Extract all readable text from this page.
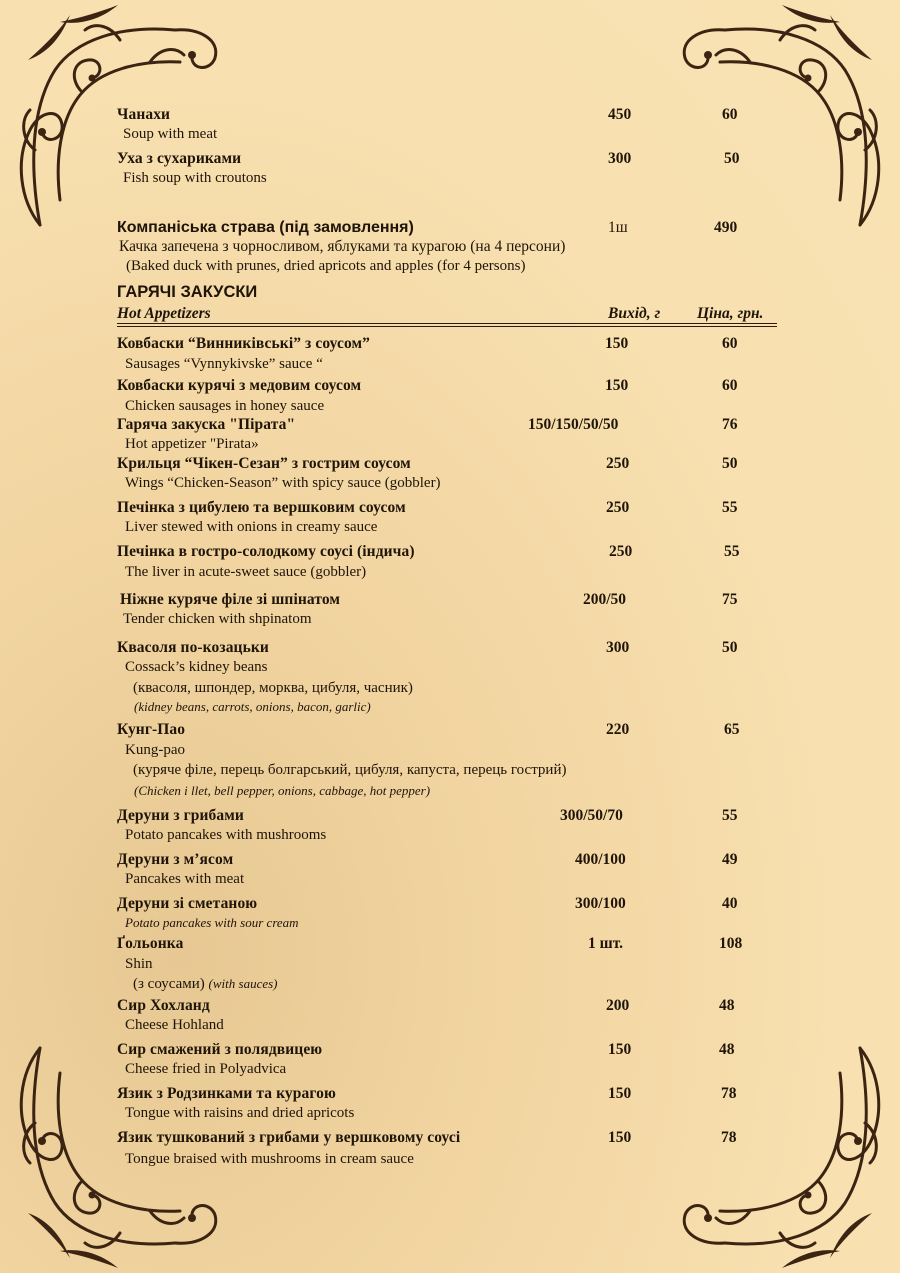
Чанахи
Soup with meat
450	60
Уха з сухариками
Fish soup with croutons
300	50
Компаніська страва (під замовлення)	1ш	490
Качка запечена з чорносливом, яблуками та курагою (на 4 персони)
(Baked duck with prunes, dried apricots and apples (for 4 persons)
ГАРЯЧІ ЗАКУСКИ
Hot Appetizers	Вихід, г Ціна, грн.
Ковбаски “Винниківські” з соусом”
Sausages “Vynnykivske” sauce “
150	60
Ковбаски курячі з медовим соусом
Chicken sausages in honey sauce
150	60
Гаряча закуска "Пірата"
Hot appetizer "Pirata»
150/150/50/50	76
Крильця “Чікен-Сезан” з гострим соусом
Wings “Chicken-Season” with spicy sauce (gobbler)
250	50
Печінка з цибулею та вершковим соусом
Liver stewed with onions in creamy sauce
250	55
Печінка в гостро-солодкому соусі (індича)
The liver in acute-sweet sauce (gobbler)
250	55
Ніжне куряче філе зі шпінатом
Tender chicken with shpinatom
200/50	75
Квасоля по-козацьки
Cossack’s kidney beans
(квасоля, шпондер, морква, цибуля, часник)
(kidney beans, carrots, onions, bacon, garlic)
300	50
Кунг-Пао
Kung-pao
(куряче філе, перець болгарський, цибуля, капуста, перець гострий)
(Chicken i llet, bell pepper, onions, cabbage, hot pepper)
220	65
Деруни з грибами
Potato pancakes with mushrooms
300/50/70	55
Деруни з м’ясом
Pancakes with meat
400/100	49
Деруни зі сметаною
Potato pancakes with sour cream
300/100	40
Ґольонка
Shin
(з соусами) (with sauces)
1 шт.	108
Сир Хохланд
Cheese Hohland
200	48
Сир смажений з полядвицею
Cheese fried in Polyadvica
150	48
Язик з Родзинками та курагою
Tongue with raisins and dried apricots
150	78
Язик тушкований з грибами у вершковому соусі
Tongue braised with mushrooms in cream sauce
150	78
